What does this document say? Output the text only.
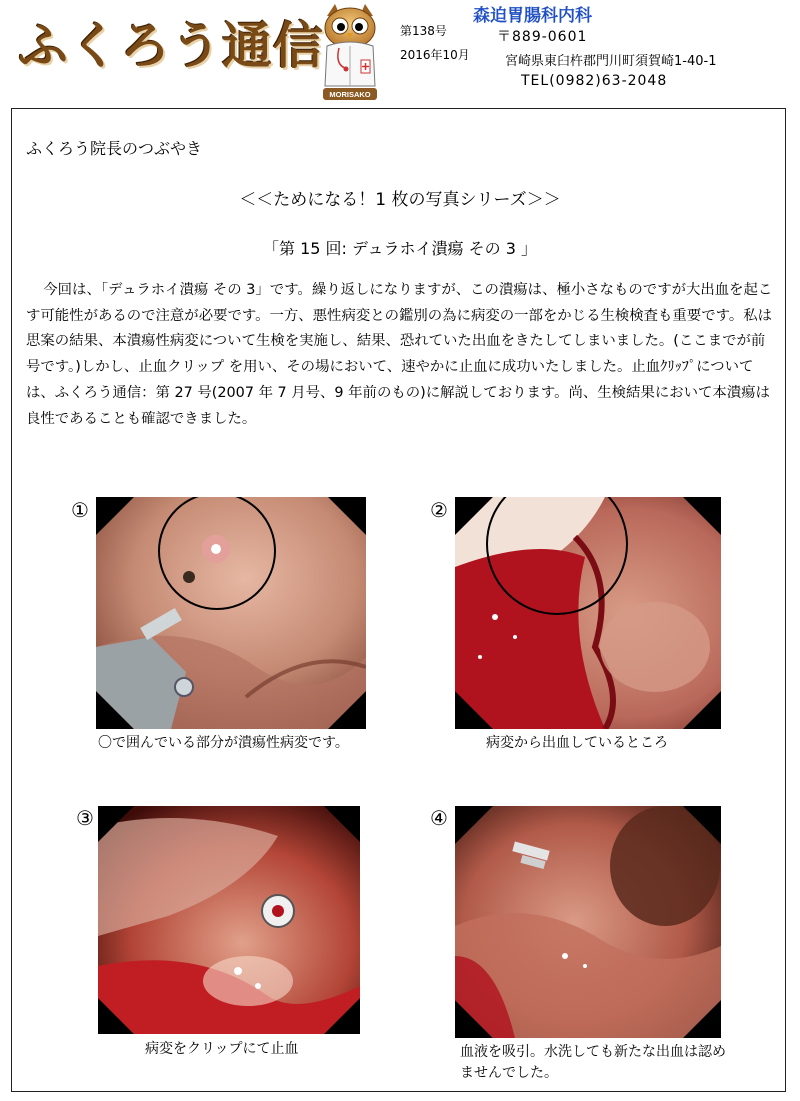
ふくろう通信
MORISAKO
第138号
2016年10月
森迫胃腸科内科
〒889-0601
宮崎県東臼杵郡門川町須賀崎1-40-1
TEL(0982)63-2048
ふくろう院長のつぶやき
＜＜ためになる！1 枚の写真シリーズ＞＞
「第 15 回: デュラホイ潰瘍 その 3 」

今回は、「デュラホイ潰瘍 その 3」です。繰り返しになりますが、この潰瘍は、極小さなものですが大出血を起こす可能性があるので注意が必要です。一方、悪性病変との鑑別の為に病変の一部をかじる生検検査も重要です。私は思案の結果、本潰瘍性病変について生検を実施し、結果、恐れていた出血をきたしてしまいました。(ここまでが前号です。)しかし、止血クリップ を用い、その場において、速やかに止血に成功いたしました。止血ｸﾘｯﾌﾟについては、ふくろう通信：第 27 号(2007 年 7 月号、9 年前のもの)に解説しております。尚、生検結果において本潰瘍は良性であることも確認できました。

①
〇で囲んでいる部分が潰瘍性病変です。
②
病変から出血しているところ
③
病変をクリップにて止血
④
血液を吸引。水洗しても新たな出血は認めませんでした。
